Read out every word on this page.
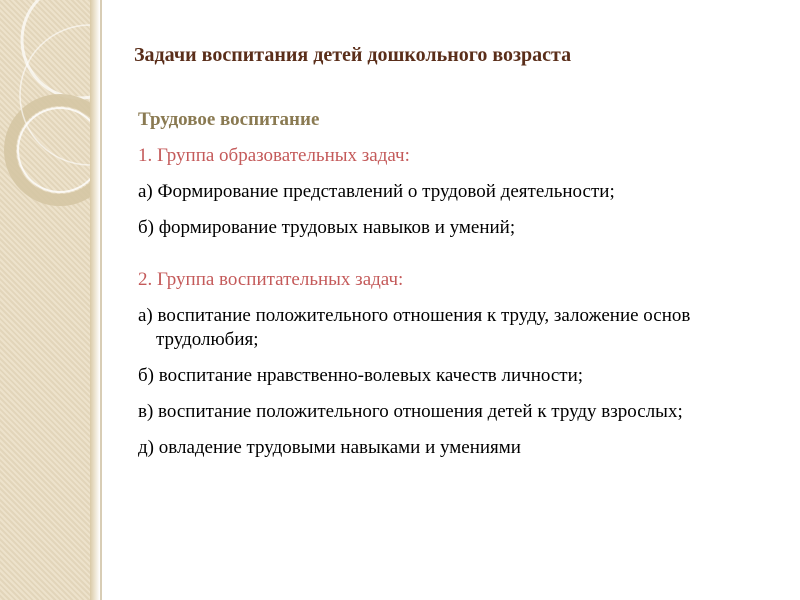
Задачи воспитания детей дошкольного возраста

Трудовое воспитание

1. Группа образовательных задач:

а) Формирование представлений о трудовой деятельности;

б) формирование трудовых навыков и умений;

2. Группа воспитательных задач:

а) воспитание положительного отношения к труду, заложение основ трудолюбия;

б) воспитание нравственно-волевых качеств личности;

в) воспитание положительного отношения детей к труду взрослых;

д) овладение трудовыми навыками и умениями
